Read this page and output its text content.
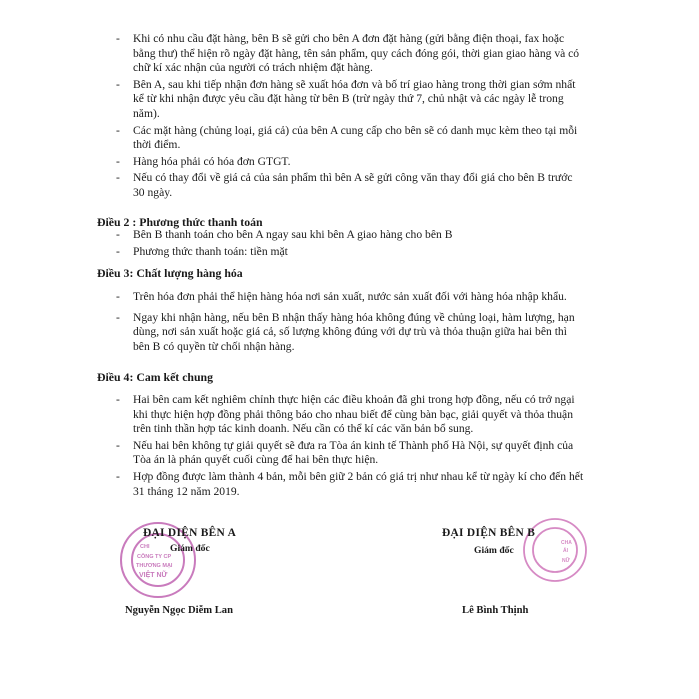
- Khi có nhu cầu đặt hàng, bên B sẽ gửi cho bên A đơn đặt hàng (gửi bằng điện thoại, fax hoặc bằng thư) thể hiện rõ ngày đặt hàng, tên sản phẩm, quy cách đóng gói, thời gian giao hàng và có chữ kí xác nhận của người có trách nhiệm đặt hàng.
- Bên A, sau khi tiếp nhận đơn hàng sẽ xuất hóa đơn và bố trí giao hàng trong thời gian sớm nhất kể từ khi nhận được yêu cầu đặt hàng từ bên B (trừ ngày thứ 7, chủ nhật và các ngày lễ trong năm).
- Các mặt hàng (chủng loại, giá cả) của bên A cung cấp cho bên sẽ có danh mục kèm theo tại mỗi thời điểm.
- Hàng hóa phải có hóa đơn GTGT.
- Nếu có thay đổi về giá cả của sản phẩm thì bên A sẽ gửi công văn thay đổi giá cho bên B trước 30 ngày.
Điều 2 : Phương thức thanh toán
- Bên B thanh toán cho bên A ngay sau khi bên A giao hàng cho bên B
- Phương thức thanh toán: tiền mặt
Điều 3: Chất lượng hàng hóa
- Trên hóa đơn phải thể hiện hàng hóa nơi sản xuất, nước sản xuất đối với hàng hóa nhập khẩu.
- Ngay khi nhận hàng, nếu bên B nhận thấy hàng hóa không đúng về chủng loại, hàm lượng, hạn dùng, nơi sản xuất hoặc giá cả, số lượng không đúng với dự trù và thỏa thuận giữa hai bên thì bên B có quyền từ chối nhận hàng.
Điều 4: Cam kết chung
- Hai bên cam kết nghiêm chỉnh thực hiện các điều khoản đã ghi trong hợp đồng, nếu có trở ngại khi thực hiện hợp đồng phải thông báo cho nhau biết để cùng bàn bạc, giải quyết và thỏa thuận trên tinh thần hợp tác kinh doanh. Nếu cần có thể kí các văn bản bổ sung.
- Nếu hai bên không tự giải quyết sẽ đưa ra Tòa án kinh tế Thành phố Hà Nội, sự quyết định của Tòa án là phán quyết cuối cùng để hai bên thực hiện.
- Hợp đồng được làm thành 4 bản, mỗi bên giữ 2 bản có giá trị như nhau kể từ ngày kí cho đến hết 31 tháng 12 năm 2019.
CHI
CÔNG TY CP
THƯƠNG MẠI
VIỆT NỮ
ĐẠI DIỆN BÊN A
Giám đốc
Nguyễn Ngọc Diễm Lan
CHA
ÁI
NỮ
ĐẠI DIỆN BÊN B
Giám đốc
Lê Bình Thịnh
